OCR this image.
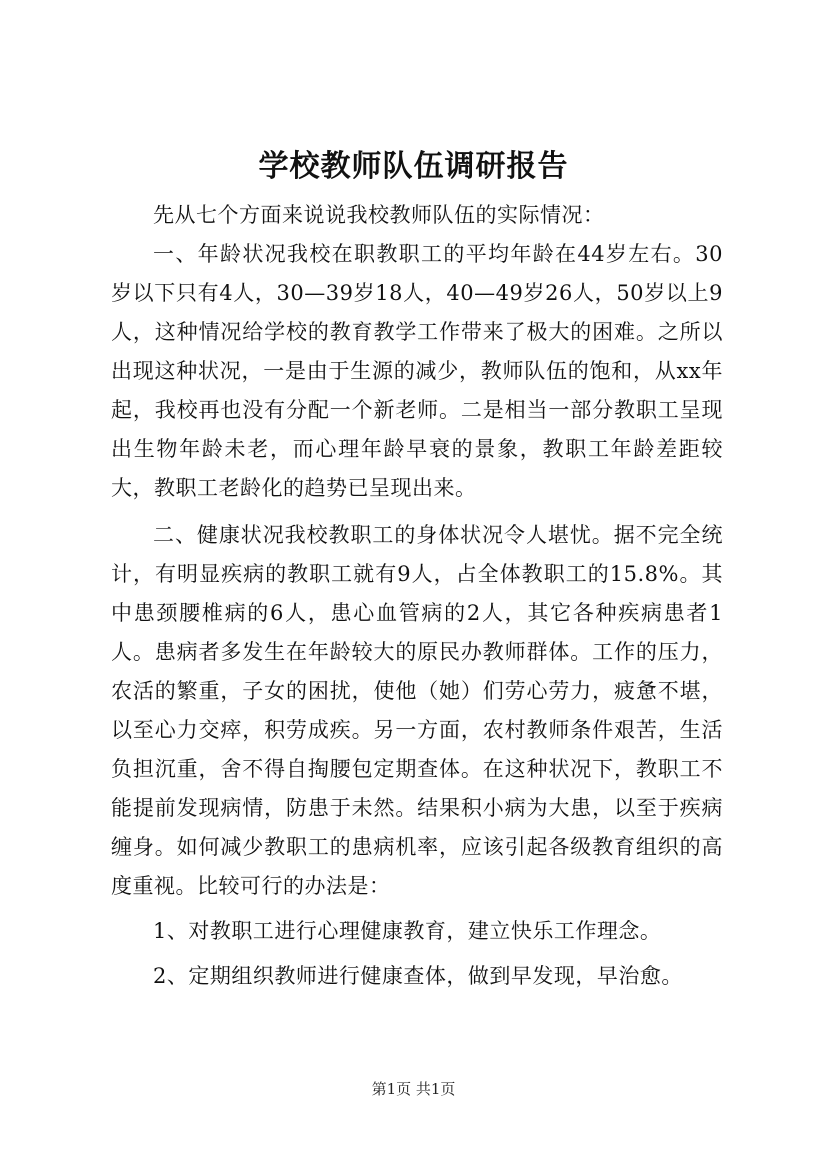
学校教师队伍调研报告

先从七个方面来说说我校教师队伍的实际情况：

一、年龄状况我校在职教职工的平均年龄在44岁左右。30岁以下只有4人，30—39岁18人，40—49岁26人，50岁以上9人，这种情况给学校的教育教学工作带来了极大的困难。之所以出现这种状况，一是由于生源的减少，教师队伍的饱和，从xx年起，我校再也没有分配一个新老师。二是相当一部分教职工呈现出生物年龄未老，而心理年龄早衰的景象，教职工年龄差距较大，教职工老龄化的趋势已呈现出来。

二、健康状况我校教职工的身体状况令人堪忧。据不完全统计，有明显疾病的教职工就有9人，占全体教职工的15.8%。其中患颈腰椎病的6人，患心血管病的2人，其它各种疾病患者1人。患病者多发生在年龄较大的原民办教师群体。工作的压力，农活的繁重，子女的困扰，使他（她）们劳心劳力，疲惫不堪，以至心力交瘁，积劳成疾。另一方面，农村教师条件艰苦，生活负担沉重，舍不得自掏腰包定期查体。在这种状况下，教职工不能提前发现病情，防患于未然。结果积小病为大患，以至于疾病缠身。如何减少教职工的患病机率，应该引起各级教育组织的高度重视。比较可行的办法是：

1、对教职工进行心理健康教育，建立快乐工作理念。

2、定期组织教师进行健康查体，做到早发现，早治愈。

第1页 共1页
